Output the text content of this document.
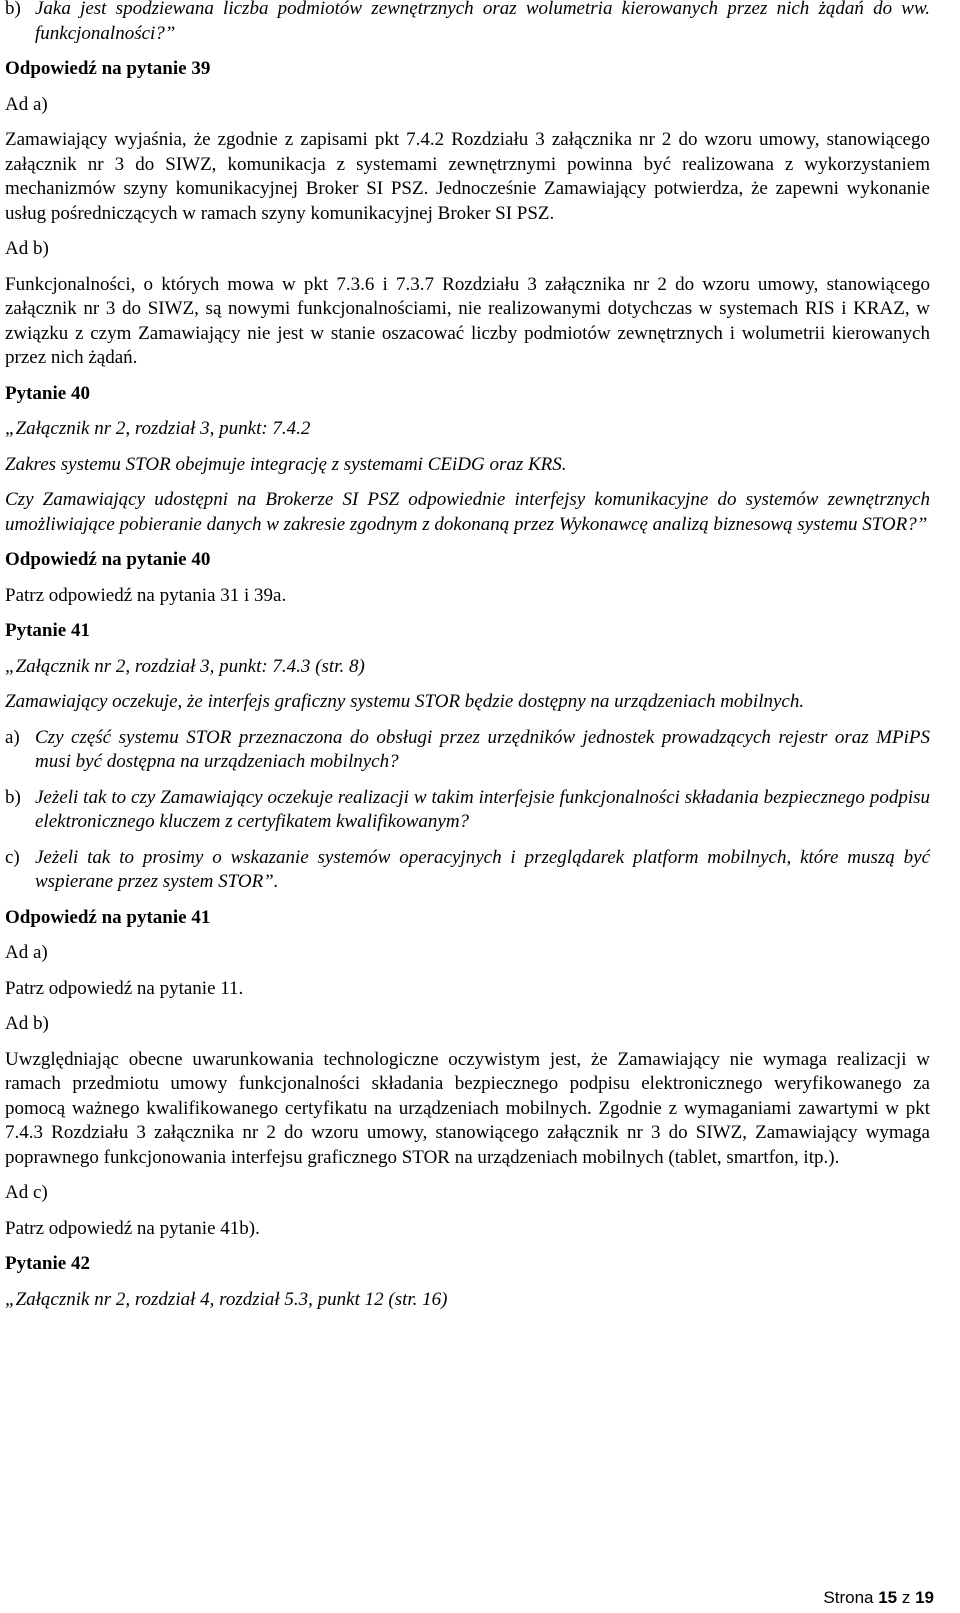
b) Jaka jest spodziewana liczba podmiotów zewnętrznych oraz wolumetria kierowanych przez nich żądań do ww. funkcjonalności?”

Odpowiedź na pytanie 39

Ad a)

Zamawiający wyjaśnia, że zgodnie z zapisami pkt 7.4.2 Rozdziału 3 załącznika nr 2 do wzoru umowy, stanowiącego załącznik nr 3 do SIWZ, komunikacja z systemami zewnętrznymi powinna być realizowana z wykorzystaniem mechanizmów szyny komunikacyjnej Broker SI PSZ. Jednocześnie Zamawiający potwierdza, że zapewni wykonanie usług pośredniczących w ramach szyny komunikacyjnej Broker SI PSZ.

Ad b)

Funkcjonalności, o których mowa w pkt 7.3.6 i 7.3.7 Rozdziału 3 załącznika nr 2 do wzoru umowy, stanowiącego załącznik nr 3 do SIWZ, są nowymi funkcjonalnościami, nie realizowanymi dotychczas w systemach RIS i KRAZ, w związku z czym Zamawiający nie jest w stanie oszacować liczby podmiotów zewnętrznych i wolumetrii kierowanych przez nich żądań.

Pytanie 40

„Załącznik nr 2, rozdział 3, punkt: 7.4.2

Zakres systemu STOR obejmuje integrację z systemami CEiDG oraz KRS.

Czy Zamawiający udostępni na Brokerze SI PSZ odpowiednie interfejsy komunikacyjne do systemów zewnętrznych umożliwiające pobieranie danych w zakresie zgodnym z dokonaną przez Wykonawcę analizą biznesową systemu STOR?”

Odpowiedź na pytanie 40

Patrz odpowiedź na pytania 31 i 39a.

Pytanie 41

„Załącznik nr 2, rozdział 3, punkt: 7.4.3 (str. 8)

Zamawiający oczekuje, że interfejs graficzny systemu STOR będzie dostępny na urządzeniach mobilnych.

a) Czy część systemu STOR przeznaczona do obsługi przez urzędników jednostek prowadzących rejestr oraz MPiPS musi być dostępna na urządzeniach mobilnych?
b) Jeżeli tak to czy Zamawiający oczekuje realizacji w takim interfejsie funkcjonalności składania bezpiecznego podpisu elektronicznego kluczem z certyfikatem kwalifikowanym?
c) Jeżeli tak to prosimy o wskazanie systemów operacyjnych i przeglądarek platform mobilnych, które muszą być wspierane przez system STOR”.

Odpowiedź na pytanie 41

Ad a)

Patrz odpowiedź na pytanie 11.

Ad b)

Uwzględniając obecne uwarunkowania technologiczne oczywistym jest, że Zamawiający nie wymaga realizacji w ramach przedmiotu umowy funkcjonalności składania bezpiecznego podpisu elektronicznego weryfikowanego za pomocą ważnego kwalifikowanego certyfikatu na urządzeniach mobilnych. Zgodnie z wymaganiami zawartymi w pkt 7.4.3 Rozdziału 3 załącznika nr 2 do wzoru umowy, stanowiącego załącznik nr 3 do SIWZ, Zamawiający wymaga poprawnego funkcjonowania interfejsu graficznego STOR na urządzeniach mobilnych (tablet, smartfon, itp.).

Ad c)

Patrz odpowiedź na pytanie 41b).

Pytanie 42

„Załącznik nr 2, rozdział 4, rozdział 5.3, punkt 12 (str. 16)

Strona 15 z 19
